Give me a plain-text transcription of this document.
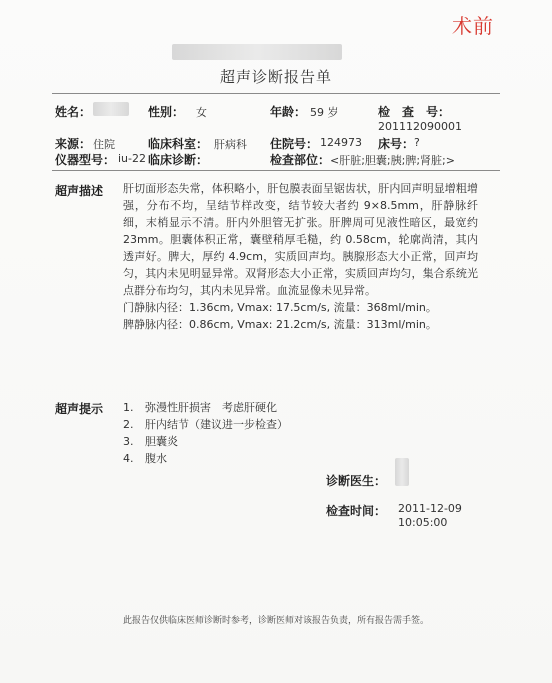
术前
超声诊断报告单
姓名：	性别： 女	年龄： 59 岁	检　查　号：
201112090001
来源： 住院	临床科室： 肝病科 住院号： 124973 床号： ?
仪器型号： iu-22 临床诊断：	检查部位： <肝脏;胆囊;胰;脾;肾脏;>
超声描述 肝切面形态失常，体积略小，肝包膜表面呈锯齿状，肝内回声明显增粗增强，分布不均，呈结节样改变，结节较大者约 9×8.5mm，肝静脉纤细，末梢显示不清。肝内外胆管无扩张。肝脾周可见液性暗区，最宽约 23mm。胆囊体积正常，囊壁稍厚毛糙，约 0.58cm，轮廓尚清，其内透声好。脾大，厚约 4.9cm，实质回声均。胰腺形态大小正常，回声均匀，其内未见明显异常。双肾形态大小正常，实质回声均匀，集合系统光点群分布均匀，其内未见异常。血流显像未见异常。

门静脉内径：1.36cm, Vmax: 17.5cm/s, 流量：368ml/min。

脾静脉内径：0.86cm, Vmax: 21.2cm/s, 流量：313ml/min。

超声提示 1.	弥漫性肝损害　考虑肝硬化
2.	肝内结节（建议进一步检查）
3.	胆囊炎
4.	腹水
诊断医生：
检查时间： 2011-12-09
10:05:00
此报告仅供临床医师诊断时参考，诊断医师对该报告负责，所有报告需手签。
